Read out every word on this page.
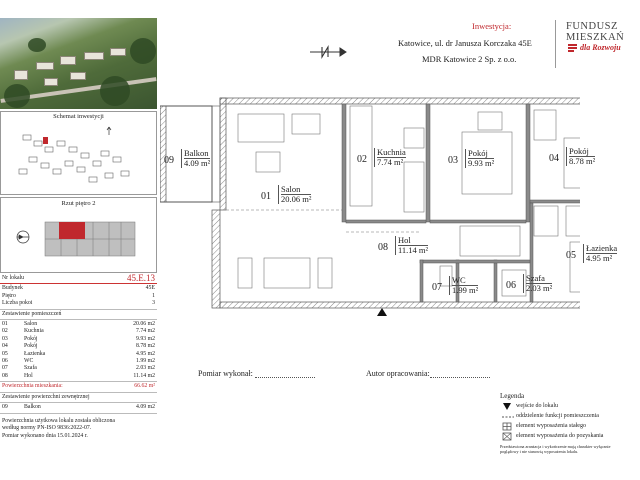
Schemat inwestycji
Rzut piętro 2
Nr lokalu	45.E.13
Budynek	45E
Piętro	1
Liczba pokoi	3
Zestawienie pomieszczeń
01	Salon	20.06 m2
02	Kuchnia	7.74 m2
03	Pokój	9.93 m2
04	Pokój	8.78 m2
05	Łazienka	4.95 m2
06	WC	1.99 m2
07	Szafa	2.03 m2
08	Hol	11.14 m2
Powierzchnia mieszkania:	66.62 m²
Zestawienie powierzchni zewnętrznej
09	Balkon	4.09 m2
Powierzchnia użytkowa lokalu została obliczona
według normy PN-ISO 9836:2022-07.
Pomiar wykonano dnia 15.01.2024 r.
Inwestycja:
Katowice, ul. dr Janusza Korczaka 45E
MDR Katowice 2 Sp. z o.o.
FUNDUSZ
MIESZKAŃ
dla Rozwoju
09
Balkon
4.09 m²
01
Salon
20.06 m²
02
Kuchnia
7.74 m²	03
Pokój
9.93 m²	04
Pokój
8.78 m²
05
Łazienka
4.95 m²
08
Hol
11.14 m²
07
WC
1.99 m²	06
Szafa
2.03 m²
Pomiar wykonał:	Autor opracowania:
Legenda
wejście do lokalu
oddzielenie funkcji pomieszczenia
element wyposażenia stałego
element wyposażenia do pozyskania
Przedstawiona aranżacja i wykończenie mają charakter wyłącznie
poglądowy i nie stanowią wyposażenia lokalu.
